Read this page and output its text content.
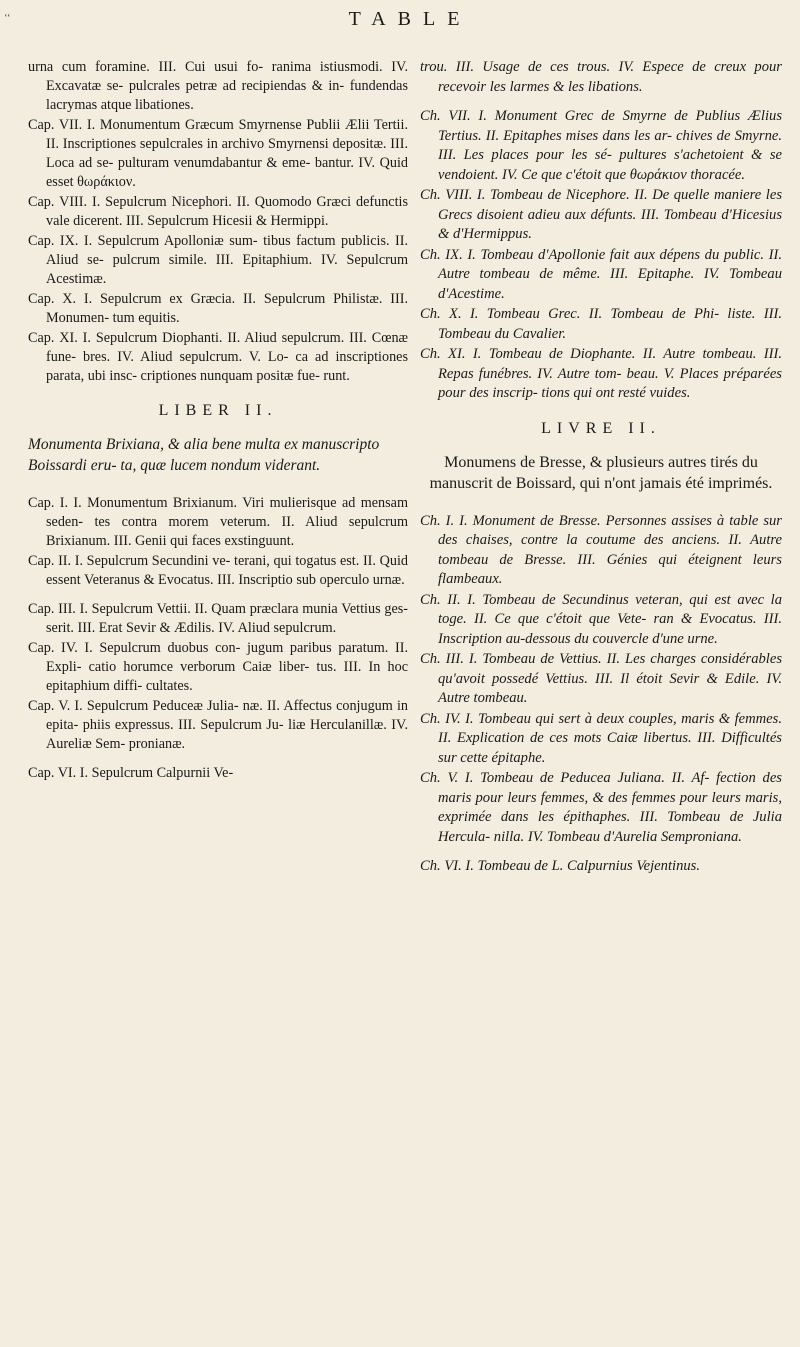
‘‘	TABLE

urna cum foramine. III. Cui usui fo- ranima istiusmodi. IV. Excavatæ se- pulcrales petræ ad recipiendas & in- fundendas lacrymas atque libationes.

Cap. VII. I. Monumentum Græcum Smyrnense Publii Ælii Tertii. II. Inscriptiones sepulcrales in archivo Smyrnensi depositæ. III. Loca ad se- pulturam venumdabantur & eme- bantur. IV. Quid esset θωράκιον.

Cap. VIII. I. Sepulcrum Nicephori. II. Quomodo Græci defunctis vale dicerent. III. Sepulcrum Hicesii & Hermippi.

Cap. IX. I. Sepulcrum Apolloniæ sum- tibus factum publicis. II. Aliud se- pulcrum simile. III. Epitaphium. IV. Sepulcrum Acestimæ.

Cap. X. I. Sepulcrum ex Græcia. II. Sepulcrum Philistæ. III. Monumen- tum equitis.

Cap. XI. I. Sepulcrum Diophanti. II. Aliud sepulcrum. III. Cœnæ fune- bres. IV. Aliud sepulcrum. V. Lo- ca ad inscriptiones parata, ubi insc- criptiones nunquam positæ fue- runt.

LIBER II.

Monumenta Brixiana, & alia bene multa ex manuscripto Boissardi eru- ta, quæ lucem nondum viderant.

Cap. I. I. Monumentum Brixianum. Viri mulierisque ad mensam seden- tes contra morem veterum. II. Aliud sepulcrum Brixianum. III. Genii qui faces exstinguunt.

Cap. II. I. Sepulcrum Secundini ve- terani, qui togatus est. II. Quid essent Veteranus & Evocatus. III. Inscriptio sub operculo urnæ.

Cap. III. I. Sepulcrum Vettii. II. Quam præclara munia Vettius ges- serit. III. Erat Sevir & Ædilis. IV. Aliud sepulcrum.

Cap. IV. I. Sepulcrum duobus con- jugum paribus paratum. II. Expli- catio horumce verborum Caiæ liber- tus. III. In hoc epitaphium diffi- cultates.

Cap. V. I. Sepulcrum Peduceæ Julia- næ. II. Affectus conjugum in epita- phiis expressus. III. Sepulcrum Ju- liæ Herculanillæ. IV. Aureliæ Sem- pronianæ.

Cap. VI. I. Sepulcrum Calpurnii Ve-

trou. III. Usage de ces trous. IV. Espece de creux pour recevoir les larmes & les libations.

Ch. VII. I. Monument Grec de Smyrne de Publius Ælius Tertius. II. Epitaphes mises dans les ar- chives de Smyrne. III. Les places pour les sé- pultures s'achetoient & se vendoient. IV. Ce que c'étoit que θωράκιον thoracée.

Ch. VIII. I. Tombeau de Nicephore. II. De quelle maniere les Grecs disoient adieu aux défunts. III. Tombeau d'Hicesius & d'Hermippus.

Ch. IX. I. Tombeau d'Apollonie fait aux dépens du public. II. Autre tombeau de même. III. Epitaphe. IV. Tombeau d'Acestime.

Ch. X. I. Tombeau Grec. II. Tombeau de Phi- liste. III. Tombeau du Cavalier.

Ch. XI. I. Tombeau de Diophante. II. Autre tombeau. III. Repas funébres. IV. Autre tom- beau. V. Places préparées pour des inscrip- tions qui ont resté vuides.

LIVRE II.

Monumens de Bresse, & plusieurs autres tirés du manuscrit de Boissard, qui n'ont jamais été imprimés.

Ch. I. I. Monument de Bresse. Personnes assises à table sur des chaises, contre la coutume des anciens. II. Autre tombeau de Bresse. III. Génies qui éteignent leurs flambeaux.

Ch. II. I. Tombeau de Secundinus veteran, qui est avec la toge. II. Ce que c'étoit que Vete- ran & Evocatus. III. Inscription au-dessous du couvercle d'une urne.

Ch. III. I. Tombeau de Vettius. II. Les charges considérables qu'avoit possedé Vettius. III. Il étoit Sevir & Edile. IV. Autre tombeau.

Ch. IV. I. Tombeau qui sert à deux couples, maris & femmes. II. Explication de ces mots Caiæ libertus. III. Difficultés sur cette épitaphe.

Ch. V. I. Tombeau de Peducea Juliana. II. Af- fection des maris pour leurs femmes, & des femmes pour leurs maris, exprimée dans les épithaphes. III. Tombeau de Julia Hercula- nilla. IV. Tombeau d'Aurelia Semproniana.

Ch. VI. I. Tombeau de L. Calpurnius Vejentinus.
